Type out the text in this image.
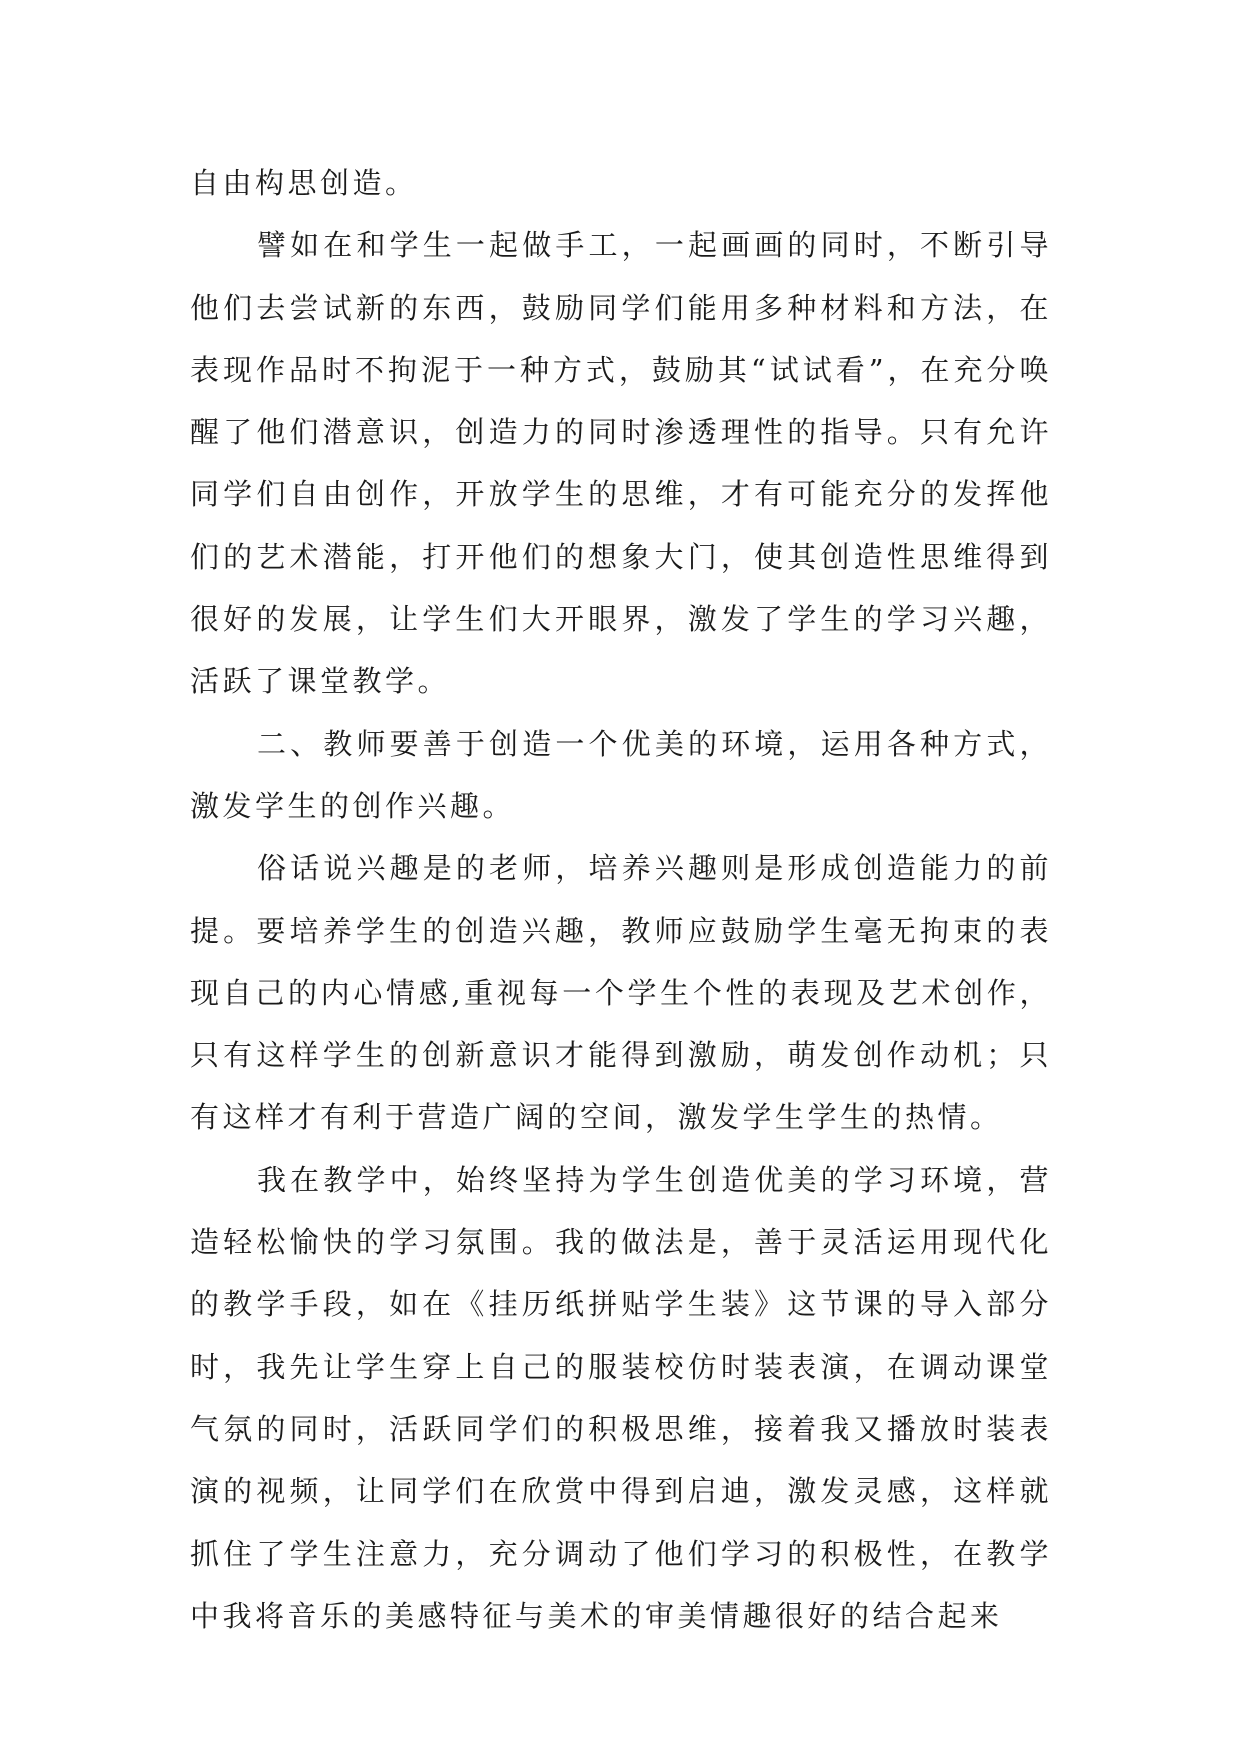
自由构思创造。

譬如在和学生一起做手工，一起画画的同时，不断引导他们去尝试新的东西，鼓励同学们能用多种材料和方法，在表现作品时不拘泥于一种方式，鼓励其“试试看”，在充分唤醒了他们潜意识，创造力的同时渗透理性的指导。只有允许同学们自由创作，开放学生的思维，才有可能充分的发挥他们的艺术潜能，打开他们的想象大门，使其创造性思维得到很好的发展，让学生们大开眼界，激发了学生的学习兴趣，活跃了课堂教学。

二、教师要善于创造一个优美的环境，运用各种方式，激发学生的创作兴趣。

俗话说兴趣是的老师，培养兴趣则是形成创造能力的前提。要培养学生的创造兴趣，教师应鼓励学生毫无拘束的表现自己的内心情感,重视每一个学生个性的表现及艺术创作，只有这样学生的创新意识才能得到激励，萌发创作动机；只有这样才有利于营造广阔的空间，激发学生学生的热情。

我在教学中，始终坚持为学生创造优美的学习环境，营造轻松愉快的学习氛围。我的做法是，善于灵活运用现代化的教学手段，如在《挂历纸拼贴学生装》这节课的导入部分时，我先让学生穿上自己的服装校仿时装表演，在调动课堂气氛的同时，活跃同学们的积极思维，接着我又播放时装表演的视频，让同学们在欣赏中得到启迪，激发灵感，这样就抓住了学生注意力，充分调动了他们学习的积极性，在教学中我将音乐的美感特征与美术的审美情趣很好的结合起来
